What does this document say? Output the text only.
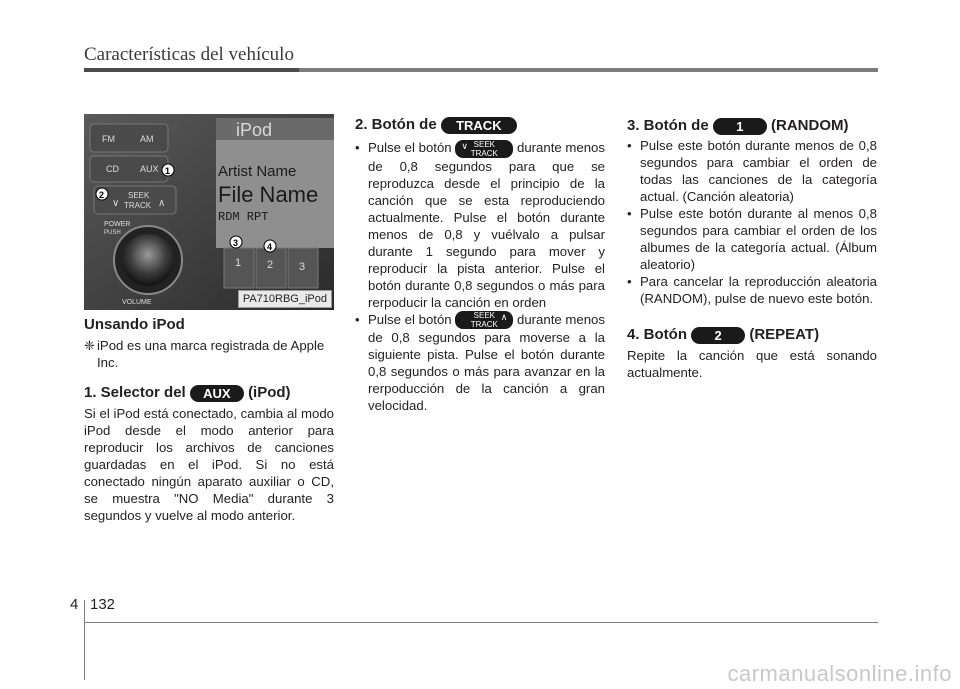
Características del vehículo
iPod
Artist Name
File Name
RDM RPT
FM	AM
CD AUX
SEEK
TRACK
∨	∧
POWER
PUSH
VOLUME
1 2 3
1
2
3	4
PA710RBG_iPod
Unsando iPod
❈ iPod es una marca registrada de Apple Inc.
1. Selector del AUX (iPod)
Si el iPod está conectado, cambia al modo iPod desde el modo anterior para reproducir los archivos de canciones guardadas en el iPod. Si no está conectado ningún aparato auxiliar o CD, se muestra "NO Media" durante 3 segundos y vuelve al modo anterior.
2. Botón de TRACK
• Pulse el botón ∨ SEEK
TRACK	durante menos de 0,8 segundos para que se reproduzca desde el principio de la canción que se esta reproduciendo actualmente. Pulse el botón durante menos de 0,8 y vuélvalo a pulsar durante 1 segundo para mover y reproducir la pista anterior. Pulse el botón durante 0,8 segundos o más para rerpoducir la canción en orden
• Pulse el botón	∧
SEEK
TRACK	durante menos de 0,8 segundos para moverse a la siguiente pista. Pulse el botón durante 0,8 segundos o más para avanzar en la rerpoducción de la canción a gran velocidad.
3. Botón de 1 (RANDOM)
• Pulse este botón durante menos de 0,8 segundos para cambiar el orden de todas las canciones de la categoría actual. (Canción aleatoria)
• Pulse este botón durante al menos 0,8 segundos para cambiar el orden de los albumes de la categoría actual. (Álbum aleatorio)
• Para cancelar la reproducción aleatoria (RANDOM), pulse de nuevo este botón.
4. Botón 2 (REPEAT)
Repite la canción que está sonando actualmente.
4 132
carmanualsonline.info
